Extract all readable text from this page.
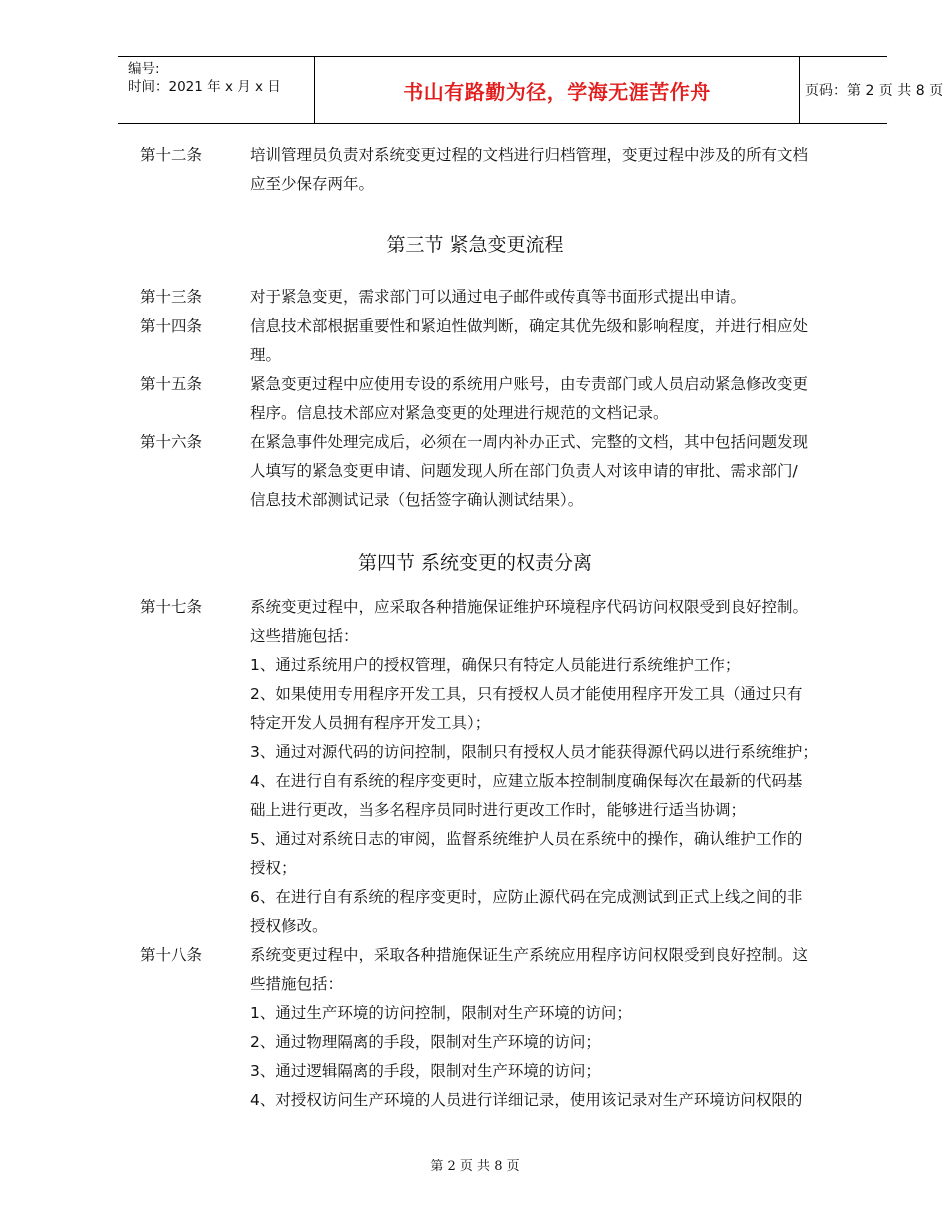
编号:
时间：2021 年 x 月 x 日	书山有路勤为径，学海无涯苦作舟	页码：第 2 页 共 8 页
第十二条	培训管理员负责对系统变更过程的文档进行归档管理，变更过程中涉及的所有文档
应至少保存两年。
第三节 紧急变更流程
第十三条	对于紧急变更，需求部门可以通过电子邮件或传真等书面形式提出申请。
第十四条	信息技术部根据重要性和紧迫性做判断，确定其优先级和影响程度，并进行相应处
理。
第十五条	紧急变更过程中应使用专设的系统用户账号，由专责部门或人员启动紧急修改变更
程序。信息技术部应对紧急变更的处理进行规范的文档记录。
第十六条	在紧急事件处理完成后，必须在一周内补办正式、完整的文档，其中包括问题发现
人填写的紧急变更申请、问题发现人所在部门负责人对该申请的审批、需求部门/
信息技术部测试记录（包括签字确认测试结果）。
第四节 系统变更的权责分离
第十七条	系统变更过程中，应采取各种措施保证维护环境程序代码访问权限受到良好控制。
这些措施包括：
1、通过系统用户的授权管理，确保只有特定人员能进行系统维护工作；
2、如果使用专用程序开发工具，只有授权人员才能使用程序开发工具（通过只有
特定开发人员拥有程序开发工具）；
3、通过对源代码的访问控制，限制只有授权人员才能获得源代码以进行系统维护；
4、在进行自有系统的程序变更时，应建立版本控制制度确保每次在最新的代码基
础上进行更改，当多名程序员同时进行更改工作时，能够进行适当协调；
5、通过对系统日志的审阅，监督系统维护人员在系统中的操作，确认维护工作的
授权；
6、在进行自有系统的程序变更时，应防止源代码在完成测试到正式上线之间的非
授权修改。
第十八条	系统变更过程中，采取各种措施保证生产系统应用程序访问权限受到良好控制。这
些措施包括：
1、通过生产环境的访问控制，限制对生产环境的访问；
2、通过物理隔离的手段，限制对生产环境的访问；
3、通过逻辑隔离的手段，限制对生产环境的访问；
4、对授权访问生产环境的人员进行详细记录，使用该记录对生产环境访问权限的
第 2 页 共 8 页
